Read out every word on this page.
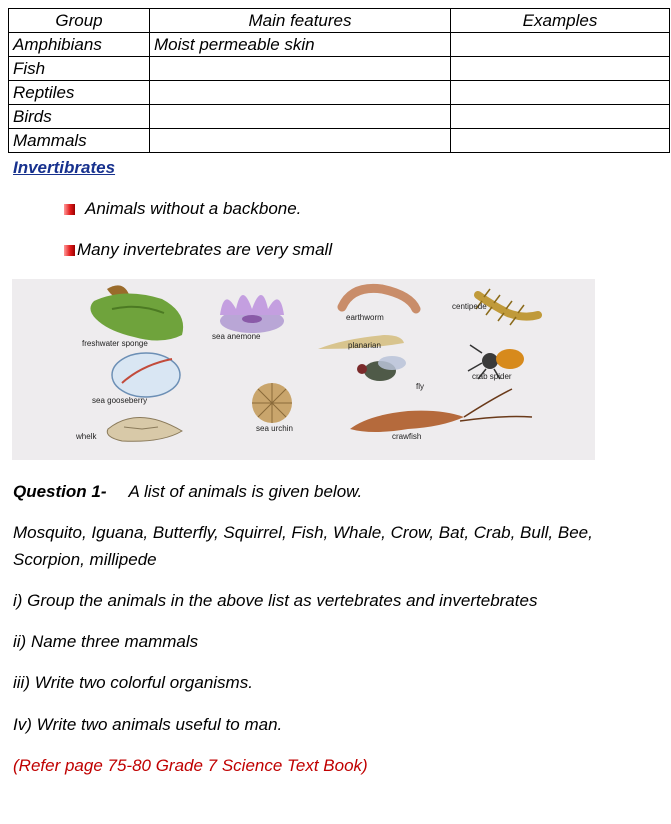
Group	Main features	Examples
Amphibians	Moist permeable skin	
Fish		
Reptiles		
Birds		
Mammals		
Invertibrates
Animals without a backbone.
Many invertebrates are very small
freshwater sponge
sea anemone
earthworm
planarian
centipede
crab spider
fly
sea gooseberry
sea urchin
whelk	crawfish
Question 1- A list of animals is given below.
Mosquito, Iguana, Butterfly, Squirrel, Fish, Whale, Crow, Bat, Crab, Bull, Bee, Scorpion, millipede
i) Group the animals in the above list as vertebrates and invertebrates
ii) Name three mammals
iii) Write two colorful organisms.
Iv) Write two animals useful to man.
(Refer page 75-80 Grade 7 Science Text Book)
